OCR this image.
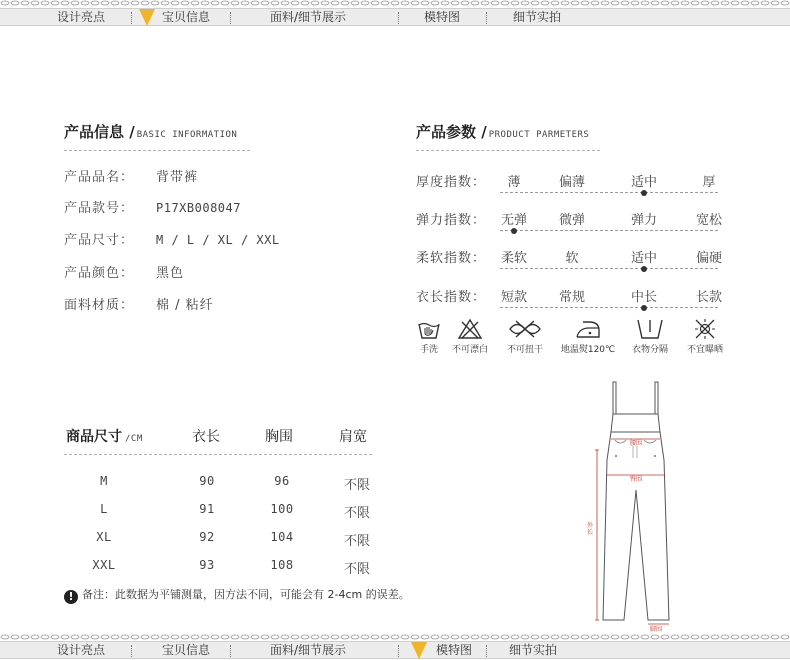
设计亮点	宝贝信息	面料/细节展示	模特图	细节实拍
产品信息 / BASIC INFORMATION
产品品名： 背带裤
产品款号： P17XB008047
产品尺寸： M / L / XL / XXL
产品颜色： 黑色
面料材质： 棉 / 粘纤
产品参数 / PRODUCT PARMETERS
厚度指数：	薄	偏薄	适中	厚
弹力指数：	无弹	微弹	弹力	宽松
柔软指数：	柔软	软	适中	偏硬
衣长指数：	短款	常规	中长	长款
手洗	不可漂白	不可扭干	地温熨120℃	衣物分隔	不宜曝晒
商品尺寸 /CM	衣长	胸围	肩宽
M	90	96	不限
L	91	100	不限
XL	92	104	不限
XXL	93	108	不限
! 备注：此数据为平铺测量，因方法不同，可能会有 2-4cm 的误差。
腰围
臀围
外长
脚围
设计亮点	宝贝信息	面料/细节展示	模特图	细节实拍
